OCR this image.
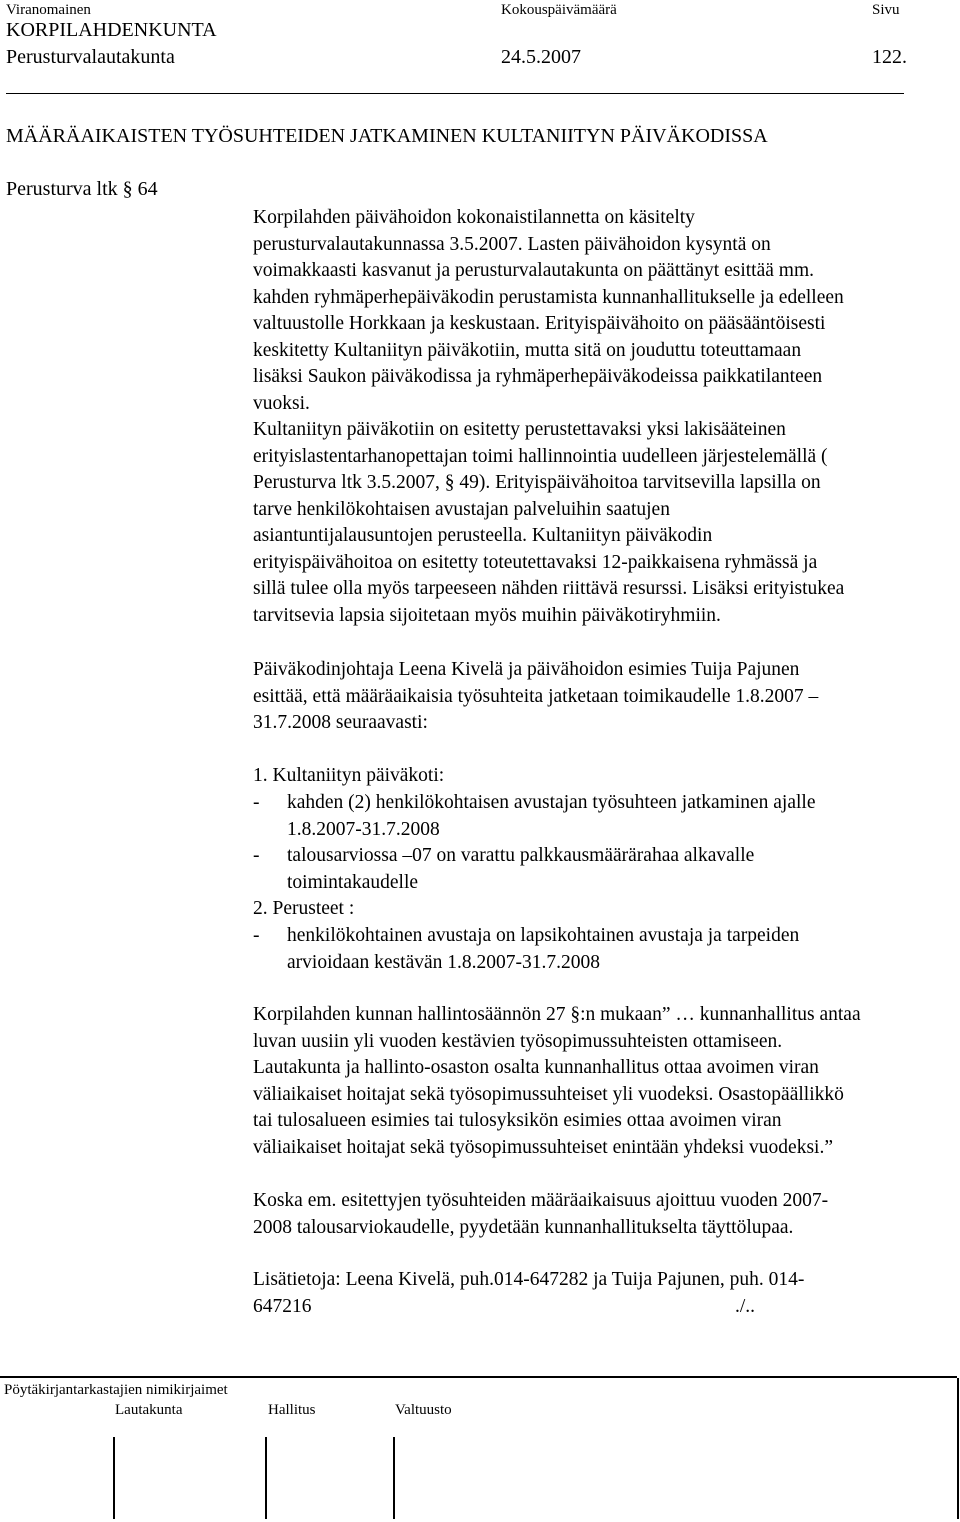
Viranomainen	Kokouspäivämäärä	Sivu
KORPILAHDENKUNTA
Perusturvalautakunta	24.5.2007	122.
MÄÄRÄAIKAISTEN TYÖSUHTEIDEN JATKAMINEN KULTANIITYN PÄIVÄKODISSA
Perusturva ltk § 64
Korpilahden päivähoidon kokonaistilannetta on käsitelty
perusturvalautakunnassa 3.5.2007. Lasten päivähoidon kysyntä on
voimakkaasti kasvanut ja perusturvalautakunta on päättänyt esittää mm.
kahden ryhmäperhepäiväkodin perustamista kunnanhallitukselle ja edelleen
valtuustolle Horkkaan ja keskustaan. Erityispäivähoito on pääsääntöisesti
keskitetty Kultaniityn päiväkotiin, mutta sitä on jouduttu toteuttamaan
lisäksi Saukon päiväkodissa ja ryhmäperhepäiväkodeissa paikkatilanteen
vuoksi.
Kultaniityn päiväkotiin on esitetty perustettavaksi yksi lakisääteinen
erityislastentarhanopettajan toimi hallinnointia uudelleen järjestelemällä (
Perusturva ltk 3.5.2007, § 49). Erityispäivähoitoa tarvitsevilla lapsilla on
tarve henkilökohtaisen avustajan palveluihin saatujen
asiantuntijalausuntojen perusteella. Kultaniityn päiväkodin
erityispäivähoitoa on esitetty toteutettavaksi 12-paikkaisena ryhmässä ja
sillä tulee olla myös tarpeeseen nähden riittävä resurssi. Lisäksi erityistukea
tarvitsevia lapsia sijoitetaan myös muihin päiväkotiryhmiin.
Päiväkodinjohtaja Leena Kivelä ja päivähoidon esimies Tuija Pajunen
esittää, että määräaikaisia työsuhteita jatketaan toimikaudelle 1.8.2007 –
31.7.2008 seuraavasti:
1. Kultaniityn päiväkoti:
- kahden (2) henkilökohtaisen avustajan työsuhteen jatkaminen ajalle
1.8.2007-31.7.2008
- talousarviossa –07 on varattu palkkausmäärärahaa alkavalle
toimintakaudelle
2. Perusteet :
- henkilökohtainen avustaja on lapsikohtainen avustaja ja tarpeiden
arvioidaan kestävän 1.8.2007-31.7.2008
Korpilahden kunnan hallintosäännön 27 §:n mukaan” … kunnanhallitus antaa
luvan uusiin yli vuoden kestävien työsopimussuhteisten ottamiseen.
Lautakunta ja hallinto-osaston osalta kunnanhallitus ottaa avoimen viran
väliaikaiset hoitajat sekä työsopimussuhteiset yli vuodeksi. Osastopäällikkö
tai tulosalueen esimies tai tulosyksikön esimies ottaa avoimen viran
väliaikaiset hoitajat sekä työsopimussuhteiset enintään yhdeksi vuodeksi.”
Koska em. esitettyjen työsuhteiden määräaikaisuus ajoittuu vuoden 2007-
2008 talousarviokaudelle, pyydetään kunnanhallitukselta täyttölupaa.
Lisätietoja: Leena Kivelä, puh.014-647282 ja Tuija Pajunen, puh. 014-
647216	./..
Pöytäkirjantarkastajien nimikirjaimet
Lautakunta	Hallitus	Valtuusto
